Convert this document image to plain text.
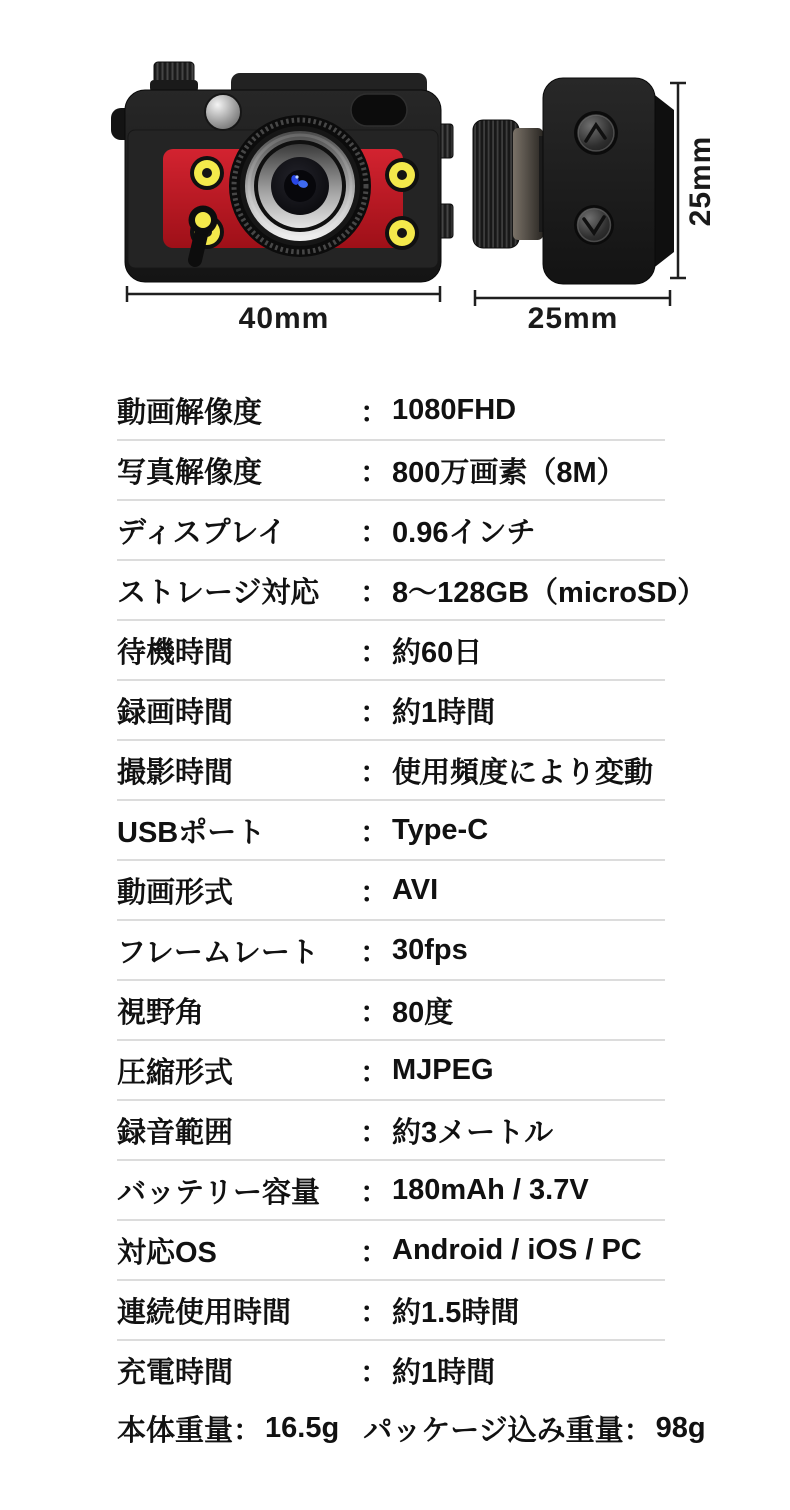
40mm	25mm
25mm
動画解像度	： 1080FHD
写真解像度	： 800万画素（8M）
ディスプレイ	： 0.96インチ
ストレージ対応	： 8〜128GB（microSD）
待機時間	： 約60日
録画時間	： 約1時間
撮影時間	： 使用頻度により変動
USBポート	： Type-C
動画形式	： AVI
フレームレート	： 30fps
視野角	： 80度
圧縮形式	： MJPEG
録音範囲	： 約3メートル
バッテリー容量	： 180mAh / 3.7V
対応OS	： Android / iOS / PC
連続使用時間	： 約1.5時間
充電時間	： 約1時間
本体重量 ： 16.5g パッケージ込み重量 ： 98g
